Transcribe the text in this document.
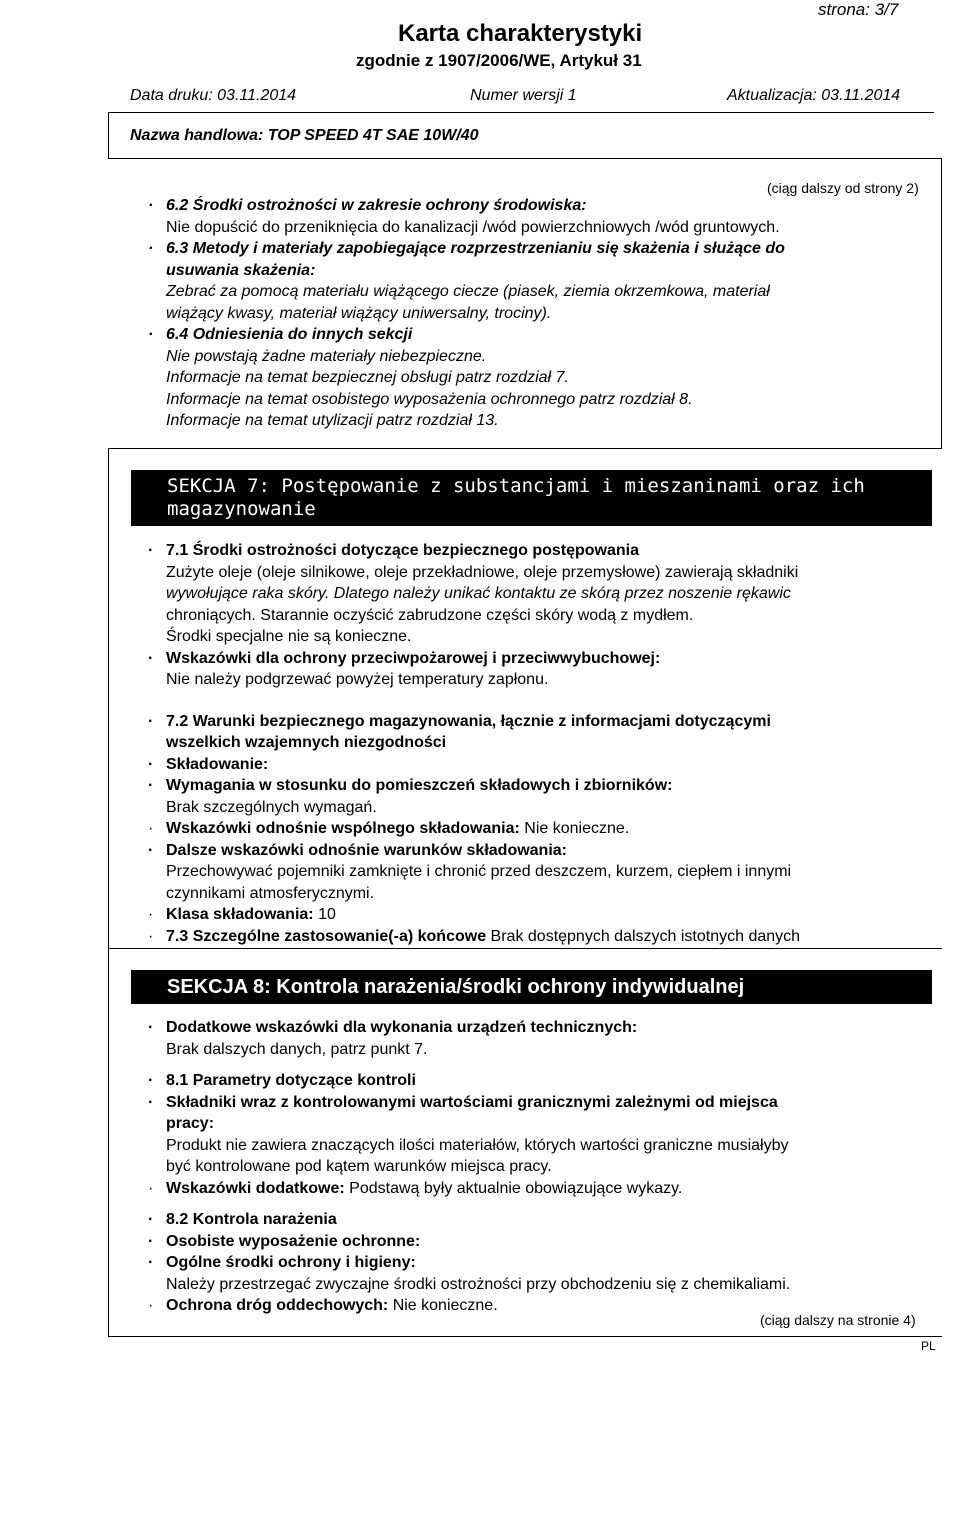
strona: 3/7
Karta charakterystyki
zgodnie z 1907/2006/WE, Artykuł 31
Data druku: 03.11.2014	Numer wersji 1	Aktualizacja: 03.11.2014
Nazwa handlowa: TOP SPEED 4T SAE 10W/40
(ciąg dalszy od strony 2)
· 6.2 Środki ostrożności w zakresie ochrony środowiska:
Nie dopuścić do przeniknięcia do kanalizacji /wód powierzchniowych /wód gruntowych.
· 6.3 Metody i materiały zapobiegające rozprzestrzenianiu się skażenia i służące do
usuwania skażenia:
Zebrać za pomocą materiału wiążącego ciecze (piasek, ziemia okrzemkowa, materiał
wiążący kwasy, materiał wiążący uniwersalny, trociny).
· 6.4 Odniesienia do innych sekcji
Nie powstają żadne materiały niebezpieczne.
Informacje na temat bezpiecznej obsługi patrz rozdział 7.
Informacje na temat osobistego wyposażenia ochronnego patrz rozdział 8.
Informacje na temat utylizacji patrz rozdział 13.
SEKCJA 7: Postępowanie z substancjami i mieszaninami oraz ich
magazynowanie
· 7.1 Środki ostrożności dotyczące bezpiecznego postępowania
Zużyte oleje (oleje silnikowe, oleje przekładniowe, oleje przemysłowe) zawierają składniki
wywołujące raka skóry. Dlatego należy unikać kontaktu ze skórą przez noszenie rękawic
chroniących. Starannie oczyścić zabrudzone części skóry wodą z mydłem.
Środki specjalne nie są konieczne.
· Wskazówki dla ochrony przeciwpożarowej i przeciwwybuchowej:
Nie należy podgrzewać powyżej temperatury zapłonu.
· 7.2 Warunki bezpiecznego magazynowania, łącznie z informacjami dotyczącymi
wszelkich wzajemnych niezgodności
· Składowanie:
· Wymagania w stosunku do pomieszczeń składowych i zbiorników:
Brak szczególnych wymagań.
· Wskazówki odnośnie wspólnego składowania: Nie konieczne.
· Dalsze wskazówki odnośnie warunków składowania:
Przechowywać pojemniki zamknięte i chronić przed deszczem, kurzem, ciepłem i innymi
czynnikami atmosferycznymi.
· Klasa składowania: 10
· 7.3 Szczególne zastosowanie(-a) końcowe Brak dostępnych dalszych istotnych danych
SEKCJA 8: Kontrola narażenia/środki ochrony indywidualnej
· Dodatkowe wskazówki dla wykonania urządzeń technicznych:
Brak dalszych danych, patrz punkt 7.
· 8.1 Parametry dotyczące kontroli
· Składniki wraz z kontrolowanymi wartościami granicznymi zależnymi od miejsca
pracy:
Produkt nie zawiera znaczących ilości materiałów, których wartości graniczne musiałyby
być kontrolowane pod kątem warunków miejsca pracy.
· Wskazówki dodatkowe: Podstawą były aktualnie obowiązujące wykazy.
· 8.2 Kontrola narażenia
· Osobiste wyposażenie ochronne:
· Ogólne środki ochrony i higieny:
Należy przestrzegać zwyczajne środki ostrożności przy obchodzeniu się z chemikaliami.
· Ochrona dróg oddechowych: Nie konieczne.
(ciąg dalszy na stronie 4)
PL
